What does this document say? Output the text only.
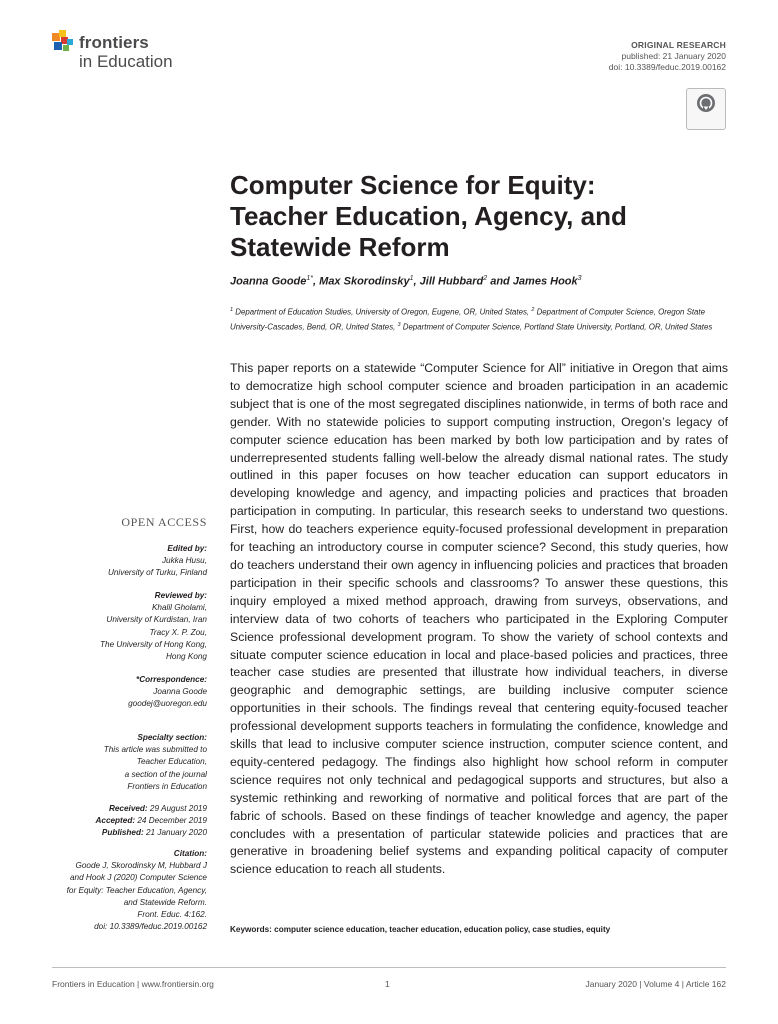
frontiers
in Education
ORIGINAL RESEARCH
published: 21 January 2020
doi: 10.3389/feduc.2019.00162
Computer Science for Equity:
Teacher Education, Agency, and
Statewide Reform
Joanna Goode$^{1*}$, Max Skorodinsky$^1$, Jill Hubbard$^2$ and James Hook$^3$
$^1$ Department of Education Studies, University of Oregon, Eugene, OR, United States, $^2$ Department of Computer Science, Oregon State University-Cascades, Bend, OR, United States, $^3$ Department of Computer Science, Portland State University, Portland, OR, United States
This paper reports on a statewide “Computer Science for All” initiative in Oregon that aims to democratize high school computer science and broaden participation in an academic subject that is one of the most segregated disciplines nationwide, in terms of both race and gender. With no statewide policies to support computing instruction, Oregon’s legacy of computer science education has been marked by both low participation and by rates of underrepresented students falling well-below the already dismal national rates. The study outlined in this paper focuses on how teacher education can support educators in developing knowledge and agency, and impacting policies and practices that broaden participation in computing. In particular, this research seeks to understand two questions. First, how do teachers experience equity-focused professional development in preparation for teaching an introductory course in computer science? Second, this study queries, how do teachers understand their own agency in influencing policies and practices that broaden participation in their specific schools and classrooms? To answer these questions, this inquiry employed a mixed method approach, drawing from surveys, observations, and interview data of two cohorts of teachers who participated in the Exploring Computer Science professional development program. To show the variety of school contexts and situate computer science education in local and place-based policies and practices, three teacher case studies are presented that illustrate how individual teachers, in diverse geographic and demographic settings, are building inclusive computer science opportunities in their schools. The findings reveal that centering equity-focused teacher professional development supports teachers in formulating the confidence, knowledge and skills that lead to inclusive computer science instruction, computer science content, and equity-centered pedagogy. The findings also highlight how school reform in computer science requires not only technical and pedagogical supports and structures, but also a systemic rethinking and reworking of normative and political forces that are part of the fabric of schools. Based on these findings of teacher knowledge and agency, the paper concludes with a presentation of particular statewide policies and practices that are generative in broadening belief systems and expanding political capacity of computer science education to reach all students.
Keywords: computer science education, teacher education, education policy, case studies, equity
OPEN ACCESS
Edited by:
Jukka Husu,
University of Turku, Finland
Reviewed by:
Khalil Gholami,
University of Kurdistan, Iran
Tracy X. P. Zou,
The University of Hong Kong,
Hong Kong
*Correspondence:
Joanna Goode
goodej@uoregon.edu
Specialty section:
This article was submitted to
Teacher Education,
a section of the journal
Frontiers in Education
Received: 29 August 2019
Accepted: 24 December 2019
Published: 21 January 2020
Citation:
Goode J, Skorodinsky M, Hubbard J
and Hook J (2020) Computer Science
for Equity: Teacher Education, Agency,
and Statewide Reform.
Front. Educ. 4:162.
doi: 10.3389/feduc.2019.00162
Frontiers in Education | www.frontiersin.org	1	January 2020 | Volume 4 | Article 162
